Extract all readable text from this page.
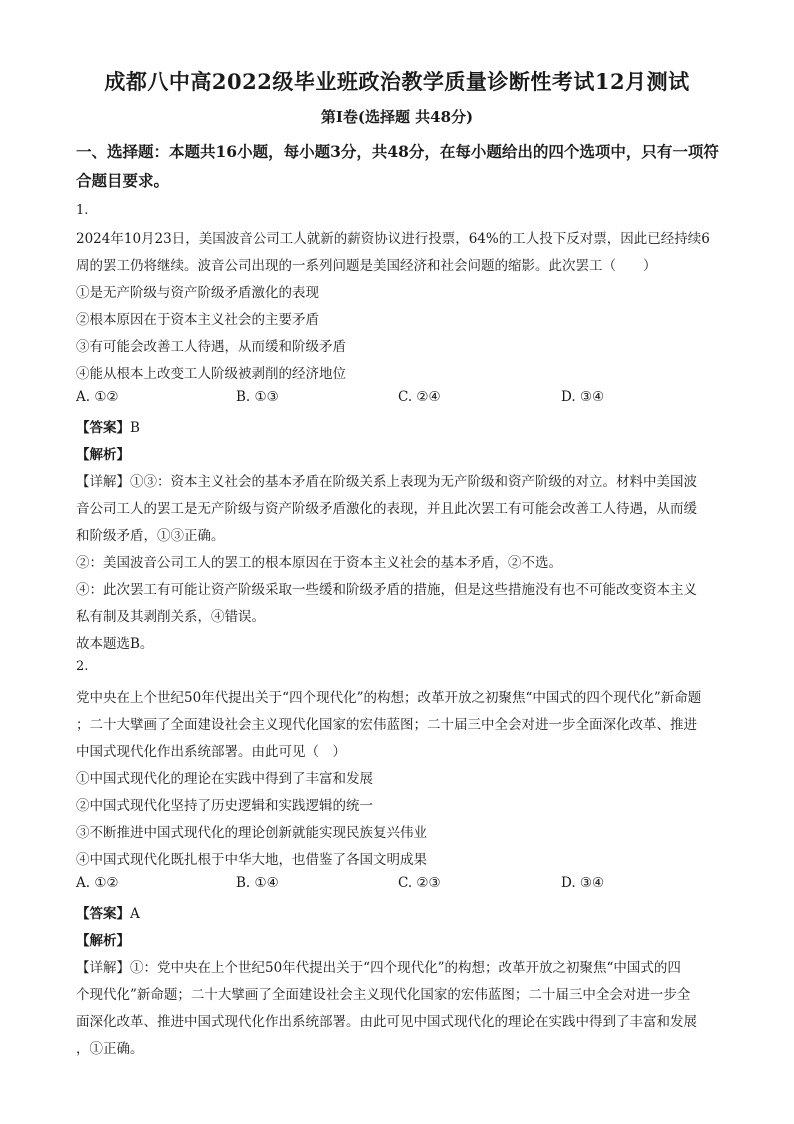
成都八中高2022级毕业班政治教学质量诊断性考试12月测试
第I卷(选择题 共48分)
一、选择题：本题共16小题，每小题3分，共48分，在每小题给出的四个选项中，只有一项符合题目要求。
1.
2024年10月23日，美国波音公司工人就新的薪资协议进行投票，64%的工人投下反对票，因此已经持续6
周的罢工仍将继续。波音公司出现的一系列问题是美国经济和社会问题的缩影。此次罢工（　　）
①是无产阶级与资产阶级矛盾激化的表现
②根本原因在于资本主义社会的主要矛盾
③有可能会改善工人待遇，从而缓和阶级矛盾
④能从根本上改变工人阶级被剥削的经济地位
A. ①②	B. ①③	C. ②④	D. ③④
【答案】B
【解析】
【详解】①③：资本主义社会的基本矛盾在阶级关系上表现为无产阶级和资产阶级的对立。材料中美国波
音公司工人的罢工是无产阶级与资产阶级矛盾激化的表现，并且此次罢工有可能会改善工人待遇，从而缓
和阶级矛盾，①③正确。
②：美国波音公司工人的罢工的根本原因在于资本主义社会的基本矛盾，②不选。
④：此次罢工有可能让资产阶级采取一些缓和阶级矛盾的措施，但是这些措施没有也不可能改变资本主义
私有制及其剥削关系，④错误。
故本题选B。
2.
党中央在上个世纪50年代提出关于“四个现代化”的构想；改革开放之初聚焦“中国式的四个现代化”新命题
；二十大擘画了全面建设社会主义现代化国家的宏伟蓝图；二十届三中全会对进一步全面深化改革、推进
中国式现代化作出系统部署。由此可见（　）
①中国式现代化的理论在实践中得到了丰富和发展
②中国式现代化坚持了历史逻辑和实践逻辑的统一
③不断推进中国式现代化的理论创新就能实现民族复兴伟业
④中国式现代化既扎根于中华大地，也借鉴了各国文明成果
A. ①②	B. ①④	C. ②③	D. ③④
【答案】A
【解析】
【详解】①：党中央在上个世纪50年代提出关于“四个现代化”的构想；改革开放之初聚焦“中国式的四
个现代化”新命题；二十大擘画了全面建设社会主义现代化国家的宏伟蓝图；二十届三中全会对进一步全
面深化改革、推进中国式现代化作出系统部署。由此可见中国式现代化的理论在实践中得到了丰富和发展
，①正确。
